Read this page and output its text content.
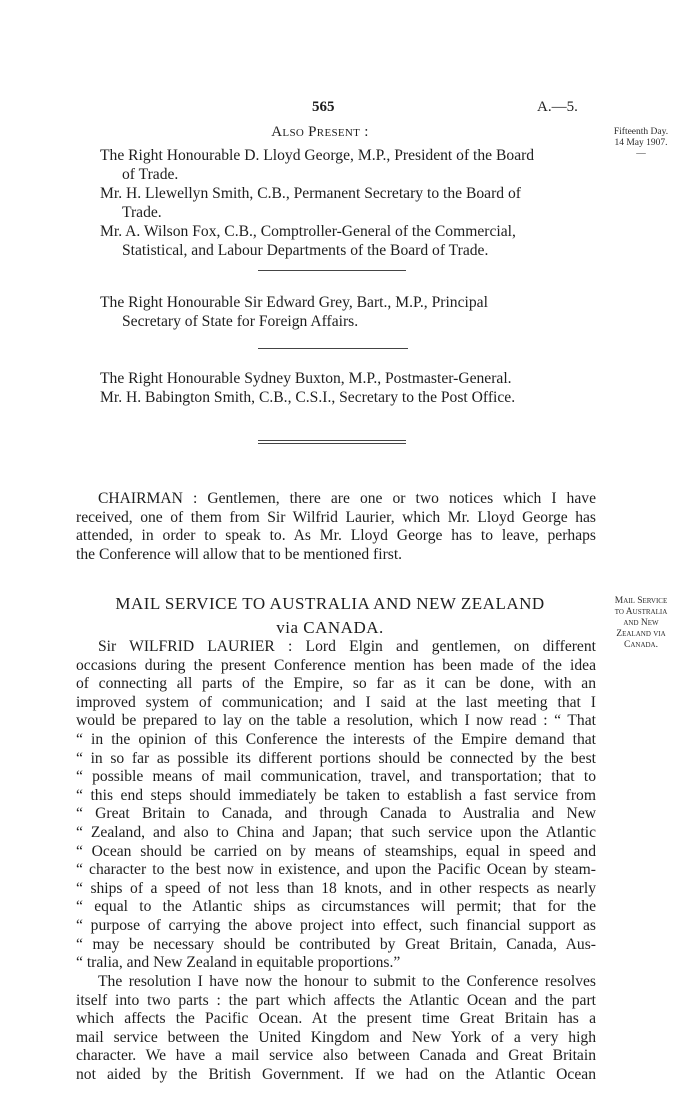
565	A.—5.
Fifteenth Day.
14 May 1907.
—
Also Present :
The Right Honourable D. Lloyd George, M.P., President of the Board
of Trade.
Mr. H. Llewellyn Smith, C.B., Permanent Secretary to the Board of
Trade.
Mr. A. Wilson Fox, C.B., Comptroller-General of the Commercial,
Statistical, and Labour Departments of the Board of Trade.
The Right Honourable Sir Edward Grey, Bart., M.P., Principal
Secretary of State for Foreign Affairs.
The Right Honourable Sydney Buxton, M.P., Postmaster-General.
Mr. H. Babington Smith, C.B., C.S.I., Secretary to the Post Office.
CHAIRMAN : Gentlemen, there are one or two notices which I have
received, one of them from Sir Wilfrid Laurier, which Mr. Lloyd George has
attended, in order to speak to. As Mr. Lloyd George has to leave, perhaps
the Conference will allow that to be mentioned first.
MAIL SERVICE TO AUSTRALIA AND NEW ZEALAND
via CANADA.
Mail Service
to Australia
and New
Zealand via
Canada.
Sir WILFRID LAURIER : Lord Elgin and gentlemen, on different
occasions during the present Conference mention has been made of the idea
of connecting all parts of the Empire, so far as it can be done, with an
improved system of communication; and I said at the last meeting that I
would be prepared to lay on the table a resolution, which I now read : “ That
“ in the opinion of this Conference the interests of the Empire demand that
“ in so far as possible its different portions should be connected by the best
“ possible means of mail communication, travel, and transportation; that to
“ this end steps should immediately be taken to establish a fast service from
“ Great Britain to Canada, and through Canada to Australia and New
“ Zealand, and also to China and Japan; that such service upon the Atlantic
“ Ocean should be carried on by means of steamships, equal in speed and
“ character to the best now in existence, and upon the Pacific Ocean by steam-
“ ships of a speed of not less than 18 knots, and in other respects as nearly
“ equal to the Atlantic ships as circumstances will permit; that for the
“ purpose of carrying the above project into effect, such financial support as
“ may be necessary should be contributed by Great Britain, Canada, Aus-
“ tralia, and New Zealand in equitable proportions.”
The resolution I have now the honour to submit to the Conference resolves
itself into two parts : the part which affects the Atlantic Ocean and the part
which affects the Pacific Ocean. At the present time Great Britain has a
mail service between the United Kingdom and New York of a very high
character. We have a mail service also between Canada and Great Britain
not aided by the British Government. If we had on the Atlantic Ocean
